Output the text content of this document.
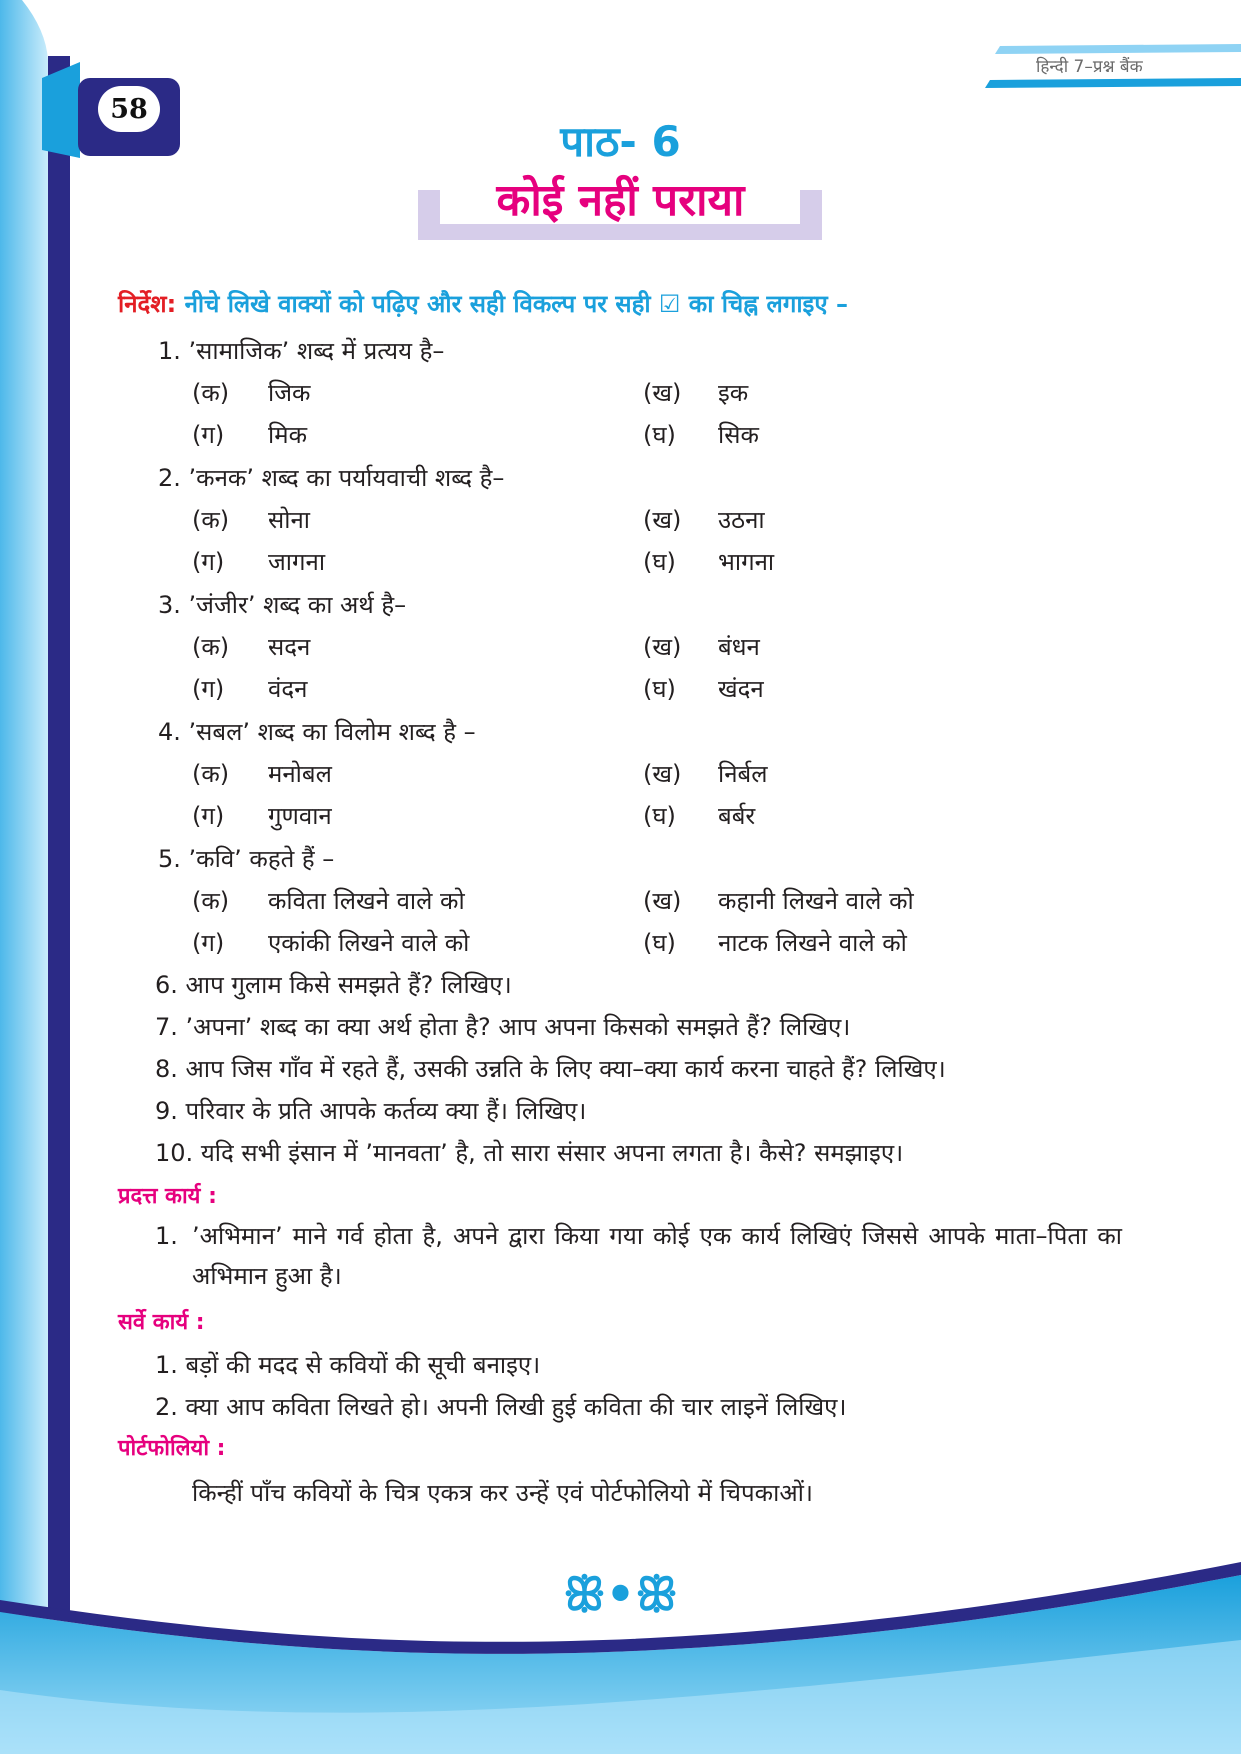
हिन्दी 7–प्रश्न बैंक
58
पाठ- 6
कोई नहीं पराया
निर्देश: नीचे लिखे वाक्यों को पढ़िए और सही विकल्प पर सही ☑ का चिह्न लगाइए –
1. ’सामाजिक’ शब्द में प्रत्यय है–
(क) जिक	(ख) इक
(ग) मिक	(घ) सिक
2. ’कनक’ शब्द का पर्यायवाची शब्द है–
(क) सोना	(ख) उठना
(ग) जागना	(घ) भागना
3. ’जंजीर’ शब्द का अर्थ है–
(क) सदन	(ख) बंधन
(ग) वंदन	(घ) खंदन
4. ’सबल’ शब्द का विलोम शब्द है –
(क) मनोबल	(ख) निर्बल
(ग) गुणवान	(घ) बर्बर
5. ’कवि’ कहते हैं –
(क) कविता लिखने वाले को	(ख) कहानी लिखने वाले को
(ग) एकांकी लिखने वाले को	(घ) नाटक लिखने वाले को
6. आप गुलाम किसे समझते हैं? लिखिए।
7. ’अपना’ शब्द का क्या अर्थ होता है? आप अपना किसको समझते हैं? लिखिए।
8. आप जिस गाँव में रहते हैं, उसकी उन्नति के लिए क्या–क्या कार्य करना चाहते हैं? लिखिए।
9. परिवार के प्रति आपके कर्तव्य क्या हैं। लिखिए।
10. यदि सभी इंसान में ’मानवता’ है, तो सारा संसार अपना लगता है। कैसे? समझाइए।
प्रदत्त कार्य :
1. ’अभिमान’ माने गर्व होता है, अपने द्वारा किया गया कोई एक कार्य लिखिएं जिससे आपके माता–पिता का अभिमान हुआ है।
सर्वे कार्य :
1. बड़ों की मदद से कवियों की सूची बनाइए।
2. क्या आप कविता लिखते हो। अपनी लिखी हुई कविता की चार लाइनें लिखिए।
पोर्टफोलियो :
किन्हीं पाँच कवियों के चित्र एकत्र कर उन्हें एवं पोर्टफोलियो में चिपकाओं।
ꕥ•ꕥ
